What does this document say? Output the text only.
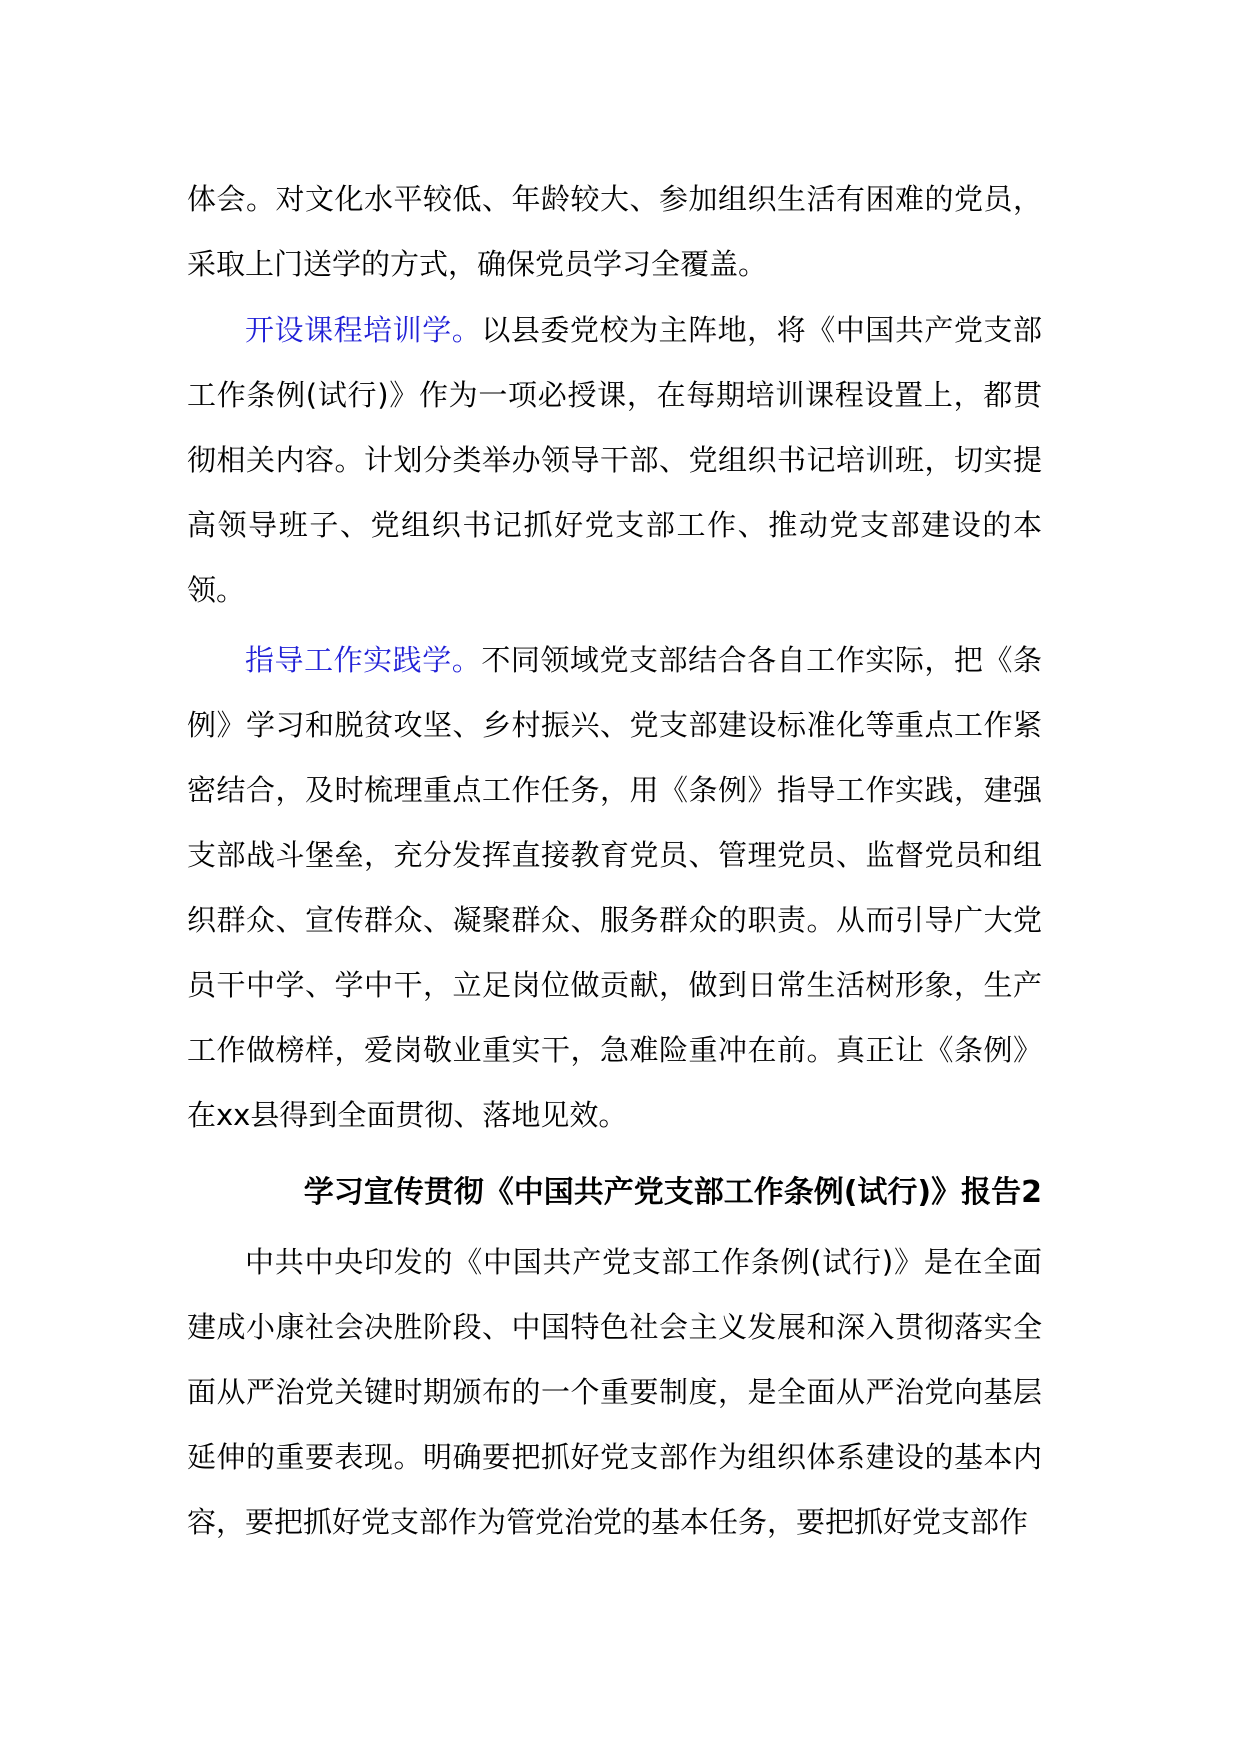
体会。对文化水平较低、年龄较大、参加组织生活有困难的党员，采取上门送学的方式，确保党员学习全覆盖。

开设课程培训学。以县委党校为主阵地，将《中国共产党支部工作条例(试行)》作为一项必授课，在每期培训课程设置上，都贯彻相关内容。计划分类举办领导干部、党组织书记培训班，切实提高领导班子、党组织书记抓好党支部工作、推动党支部建设的本领。

指导工作实践学。不同领域党支部结合各自工作实际，把《条例》学习和脱贫攻坚、乡村振兴、党支部建设标准化等重点工作紧密结合，及时梳理重点工作任务，用《条例》指导工作实践，建强支部战斗堡垒，充分发挥直接教育党员、管理党员、监督党员和组织群众、宣传群众、凝聚群众、服务群众的职责。从而引导广大党员干中学、学中干，立足岗位做贡献，做到日常生活树形象，生产工作做榜样，爱岗敬业重实干，急难险重冲在前。真正让《条例》在xx县得到全面贯彻、落地见效。

学习宣传贯彻《中国共产党支部工作条例(试行)》报告2

中共中央印发的《中国共产党支部工作条例(试行)》是在全面建成小康社会决胜阶段、中国特色社会主义发展和深入贯彻落实全面从严治党关键时期颁布的一个重要制度，是全面从严治党向基层延伸的重要表现。明确要把抓好党支部作为组织体系建设的基本内容，要把抓好党支部作为管党治党的基本任务，要把抓好党支部作
